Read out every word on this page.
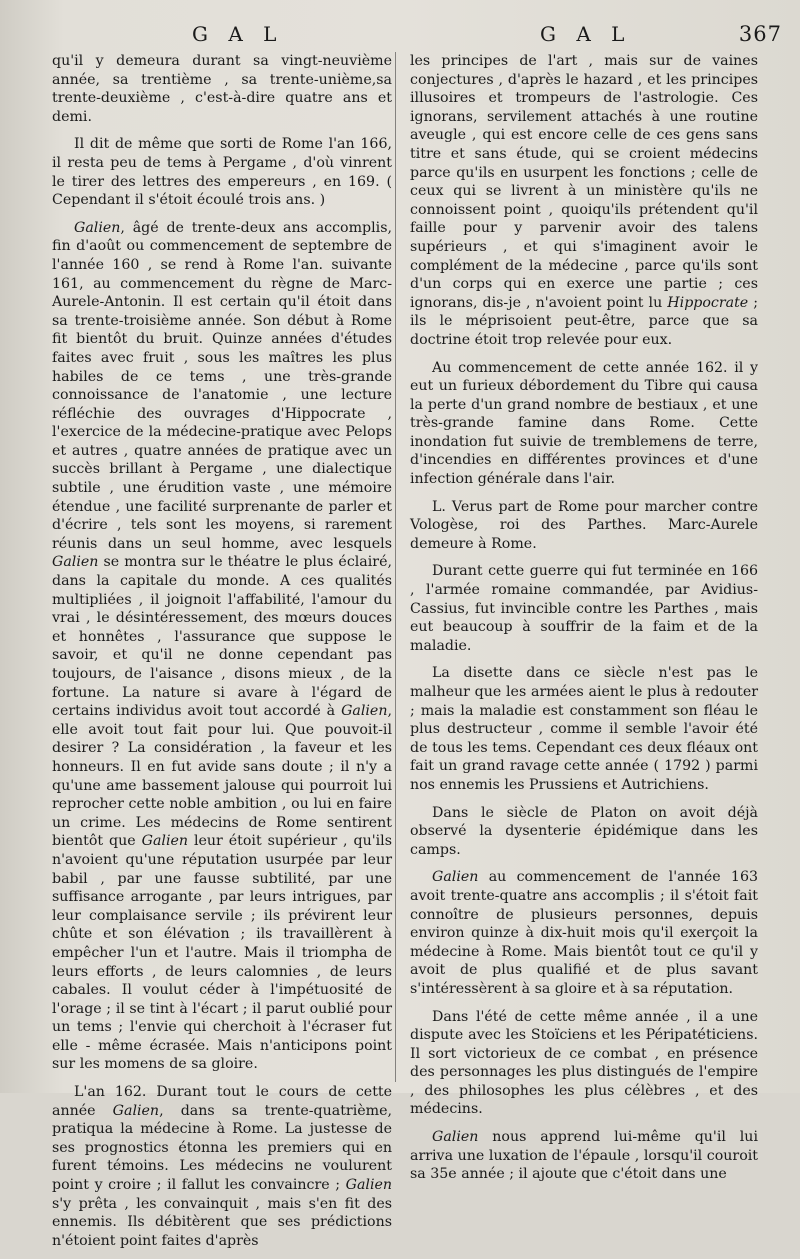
G A L	G A L	367

qu'il y demeura durant sa vingt-neuvième année, sa trentième , sa trente-unième,sa trente-deuxième , c'est-à-dire quatre ans et demi.

Il dit de même que sorti de Rome l'an 166, il resta peu de tems à Pergame , d'où vinrent le tirer des lettres des empereurs , en 169. ( Cependant il s'étoit écoulé trois ans. )

Galien, âgé de trente-deux ans accomplis, fin d'août ou commencement de septembre de l'année 160 , se rend à Rome l'an. suivante 161, au commencement du règne de Marc-Aurele-Antonin. Il est certain qu'il étoit dans sa trente-troisième année. Son début à Rome fit bientôt du bruit. Quinze années d'études faites avec fruit , sous les maîtres les plus habiles de ce tems , une très-grande connoissance de l'anatomie , une lecture réfléchie des ouvrages d'Hippocrate , l'exercice de la médecine-pratique avec Pelops et autres , quatre années de pratique avec un succès brillant à Pergame , une dialectique subtile , une érudition vaste , une mémoire étendue , une facilité surprenante de parler et d'écrire , tels sont les moyens, si rarement réunis dans un seul homme, avec lesquels Galien se montra sur le théatre le plus éclairé, dans la capitale du monde. A ces qualités multipliées , il joignoit l'affabilité, l'amour du vrai , le désintéressement, des mœurs douces et honnêtes , l'assurance que suppose le savoir, et qu'il ne donne cependant pas toujours, de l'aisance , disons mieux , de la fortune. La nature si avare à l'égard de certains individus avoit tout accordé à Galien, elle avoit tout fait pour lui. Que pouvoit-il desirer ? La considération , la faveur et les honneurs. Il en fut avide sans doute ; il n'y a qu'une ame bassement jalouse qui pourroit lui reprocher cette noble ambition , ou lui en faire un crime. Les médecins de Rome sentirent bientôt que Galien leur étoit supérieur , qu'ils n'avoient qu'une réputation usurpée par leur babil , par une fausse subtilité, par une suffisance arrogante , par leurs intrigues, par leur complaisance servile ; ils prévirent leur chûte et son élévation ; ils travaillèrent à empêcher l'un et l'autre. Mais il triompha de leurs efforts , de leurs calomnies , de leurs cabales. Il voulut céder à l'impétuosité de l'orage ; il se tint à l'écart ; il parut oublié pour un tems ; l'envie qui cherchoit à l'écraser fut elle - même écrasée. Mais n'anticipons point sur les momens de sa gloire.

L'an 162. Durant tout le cours de cette année Galien, dans sa trente-quatrième, pratiqua la médecine à Rome. La justesse de ses prognostics étonna les premiers qui en furent témoins. Les médecins ne voulurent point y croire ; il fallut les convaincre ; Galien s'y prêta , les convainquit , mais s'en fit des ennemis. Ils débitèrent que ses prédictions n'étoient point faites d'après

les principes de l'art , mais sur de vaines conjectures , d'après le hazard , et les principes illusoires et trompeurs de l'astrologie. Ces ignorans, servilement attachés à une routine aveugle , qui est encore celle de ces gens sans titre et sans étude, qui se croient médecins parce qu'ils en usurpent les fonctions ; celle de ceux qui se livrent à un ministère qu'ils ne connoissent point , quoiqu'ils prétendent qu'il faille pour y parvenir avoir des talens supérieurs , et qui s'imaginent avoir le complément de la médecine , parce qu'ils sont d'un corps qui en exerce une partie ; ces ignorans, dis-je , n'avoient point lu Hippocrate ; ils le méprisoient peut-être, parce que sa doctrine étoit trop relevée pour eux.

Au commencement de cette année 162. il y eut un furieux débordement du Tibre qui causa la perte d'un grand nombre de bestiaux , et une très-grande famine dans Rome. Cette inondation fut suivie de tremblemens de terre, d'incendies en différentes provinces et d'une infection générale dans l'air.

L. Verus part de Rome pour marcher contre Vologèse, roi des Parthes. Marc-Aurele demeure à Rome.

Durant cette guerre qui fut terminée en 166 , l'armée romaine commandée, par Avidius-Cassius, fut invincible contre les Parthes , mais eut beaucoup à souffrir de la faim et de la maladie.

La disette dans ce siècle n'est pas le malheur que les armées aient le plus à redouter ; mais la maladie est constamment son fléau le plus destructeur , comme il semble l'avoir été de tous les tems. Cependant ces deux fléaux ont fait un grand ravage cette année ( 1792 ) parmi nos ennemis les Prussiens et Autrichiens.

Dans le siècle de Platon on avoit déjà observé la dysenterie épidémique dans les camps.

Galien au commencement de l'année 163 avoit trente-quatre ans accomplis ; il s'étoit fait connoître de plusieurs personnes, depuis environ quinze à dix-huit mois qu'il exerçoit la médecine à Rome. Mais bientôt tout ce qu'il y avoit de plus qualifié et de plus savant s'intéressèrent à sa gloire et à sa réputation.

Dans l'été de cette même année , il a une dispute avec les Stoïciens et les Péripatéticiens. Il sort victorieux de ce combat , en présence des personnages les plus distingués de l'empire , des philosophes les plus célèbres , et des médecins.

Galien nous apprend lui-même qu'il lui arriva une luxation de l'épaule , lorsqu'il couroit sa 35e année ; il ajoute que c'étoit dans une
